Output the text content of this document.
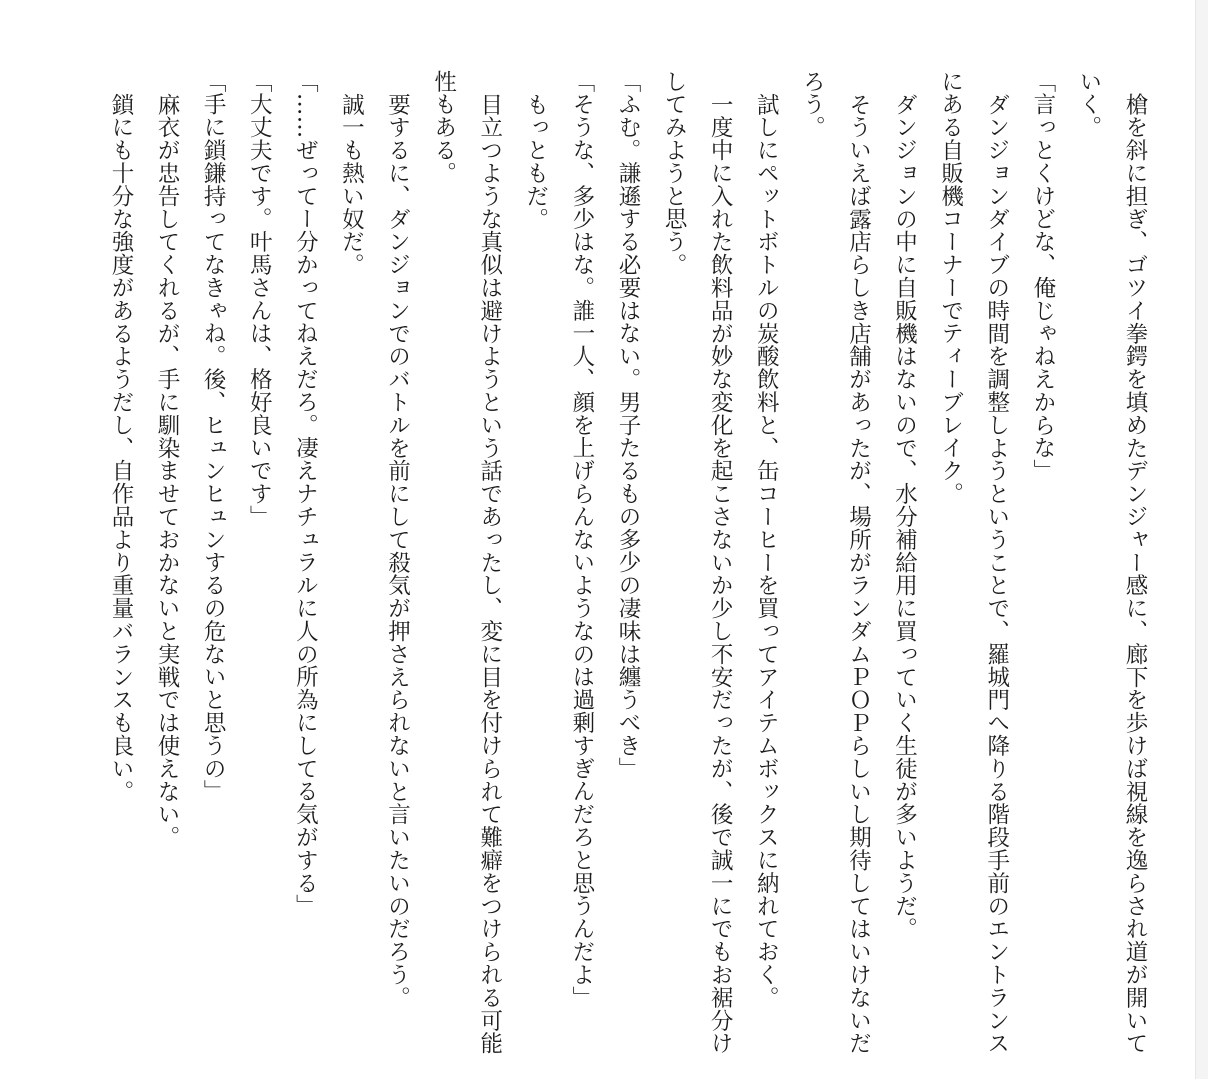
槍を斜に担ぎ、ゴツイ拳鍔を填めたデンジャー感に、廊下を歩けば視線を逸らされ道が開いていく。

「言っとくけどな、俺じゃねえからな」

ダンジョンダイブの時間を調整しようということで、羅城門へ降りる階段手前のエントランスにある自販機コーナーでティーブレイク。

ダンジョンの中に自販機はないので、水分補給用に買っていく生徒が多いようだ。

そういえば露店らしき店舗があったが、場所がランダムＰＯＰらしいし期待してはいけないだろう。

試しにペットボトルの炭酸飲料と、缶コーヒーを買ってアイテムボックスに納れておく。

一度中に入れた飲料品が妙な変化を起こさないか少し不安だったが、後で誠一にでもお裾分けしてみようと思う。

「ふむ。謙遜する必要はない。男子たるもの多少の凄味は纏うべき」

「そうな、多少はな。誰一人、顔を上げらんないようなのは過剰すぎんだろと思うんだよ」

もっともだ。

目立つような真似は避けようという話であったし、変に目を付けられて難癖をつけられる可能性もある。

要するに、ダンジョンでのバトルを前にして殺気が押さえられないと言いたいのだろう。

誠一も熱い奴だ。

「……ぜってー分かってねえだろ。凄えナチュラルに人の所為にしてる気がする」

「大丈夫です。叶馬さんは、格好良いです」

「手に鎖鎌持ってなきゃね。後、ヒュンヒュンするの危ないと思うの」

麻衣が忠告してくれるが、手に馴染ませておかないと実戦では使えない。

鎖にも十分な強度があるようだし、自作品より重量バランスも良い。
